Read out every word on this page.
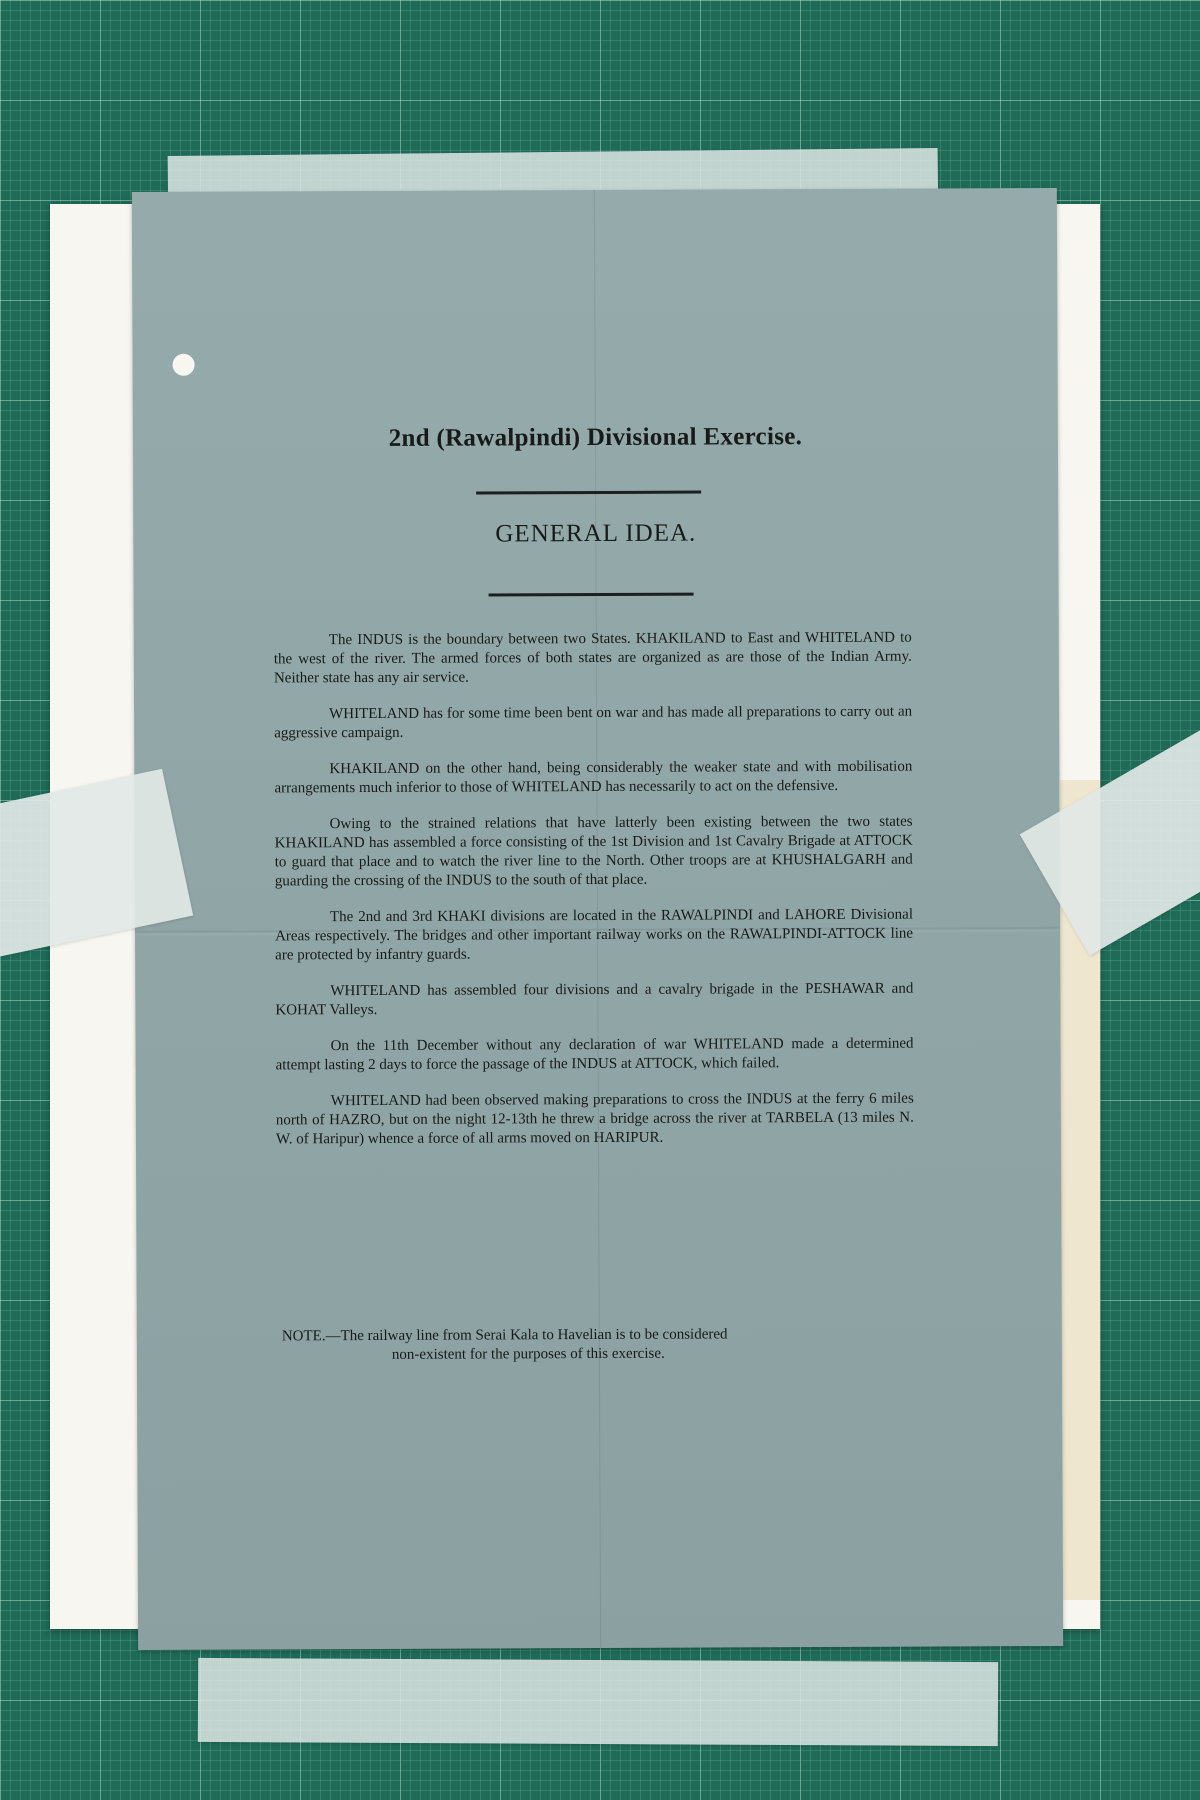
2nd (Rawalpindi) Divisional Exercise.
GENERAL IDEA.

The INDUS is the boundary between two States. KHAKILAND to East and WHITELAND to the west of the river. The armed forces of both states are organized as are those of the Indian Army. Neither state has any air service.

WHITELAND has for some time been bent on war and has made all preparations to carry out an aggressive campaign.

KHAKILAND on the other hand, being considerably the weaker state and with mobilisation arrangements much inferior to those of WHITELAND has necessarily to act on the defensive.

Owing to the strained relations that have latterly been existing between the two states KHAKILAND has assembled a force consisting of the 1st Division and 1st Cavalry Brigade at ATTOCK to guard that place and to watch the river line to the North. Other troops are at KHUSHALGARH and guarding the crossing of the INDUS to the south of that place.

The 2nd and 3rd KHAKI divisions are located in the RAWALPINDI and LAHORE Divisional Areas respectively. The bridges and other important railway works on the RAWALPINDI-ATTOCK line are protected by infantry guards.

WHITELAND has assembled four divisions and a cavalry brigade in the PESHAWAR and KOHAT Valleys.

On the 11th December without any declaration of war WHITELAND made a determined attempt lasting 2 days to force the passage of the INDUS at ATTOCK, which failed.

WHITELAND had been observed making preparations to cross the INDUS at the ferry 6 miles north of HAZRO, but on the night 12-13th he threw a bridge across the river at TARBELA (13 miles N. W. of Haripur) whence a force of all arms moved on HARIPUR.

NOTE.—The railway line from Serai Kala to Havelian is to be considered
non-existent for the purposes of this exercise.
